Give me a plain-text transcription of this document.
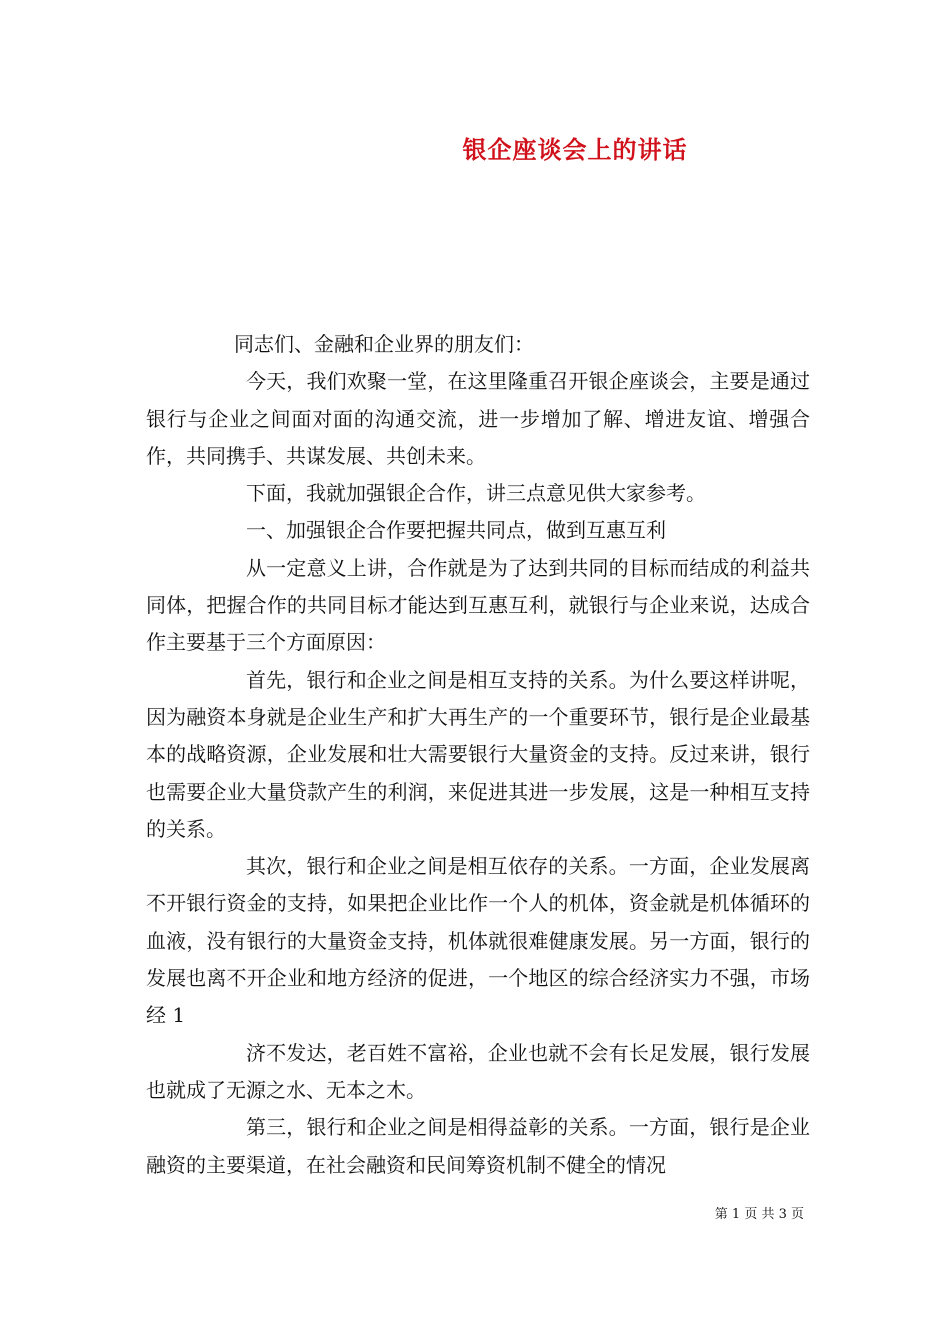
银企座谈会上的讲话

同志们、金融和企业界的朋友们：

今天，我们欢聚一堂，在这里隆重召开银企座谈会，主要是通过银行与企业之间面对面的沟通交流，进一步增加了解、增进友谊、增强合作，共同携手、共谋发展、共创未来。

下面，我就加强银企合作，讲三点意见供大家参考。

一、加强银企合作要把握共同点，做到互惠互利

从一定意义上讲，合作就是为了达到共同的目标而结成的利益共同体，把握合作的共同目标才能达到互惠互利，就银行与企业来说，达成合作主要基于三个方面原因：

首先，银行和企业之间是相互支持的关系。为什么要这样讲呢，因为融资本身就是企业生产和扩大再生产的一个重要环节，银行是企业最基本的战略资源，企业发展和壮大需要银行大量资金的支持。反过来讲，银行也需要企业大量贷款产生的利润，来促进其进一步发展，这是一种相互支持的关系。

其次，银行和企业之间是相互依存的关系。一方面，企业发展离不开银行资金的支持，如果把企业比作一个人的机体，资金就是机体循环的血液，没有银行的大量资金支持，机体就很难健康发展。另一方面，银行的发展也离不开企业和地方经济的促进，一个地区的综合经济实力不强，市场经 1

济不发达，老百姓不富裕，企业也就不会有长足发展，银行发展也就成了无源之水、无本之木。

第三，银行和企业之间是相得益彰的关系。一方面，银行是企业融资的主要渠道，在社会融资和民间筹资机制不健全的情况

第 1 页 共 3 页
